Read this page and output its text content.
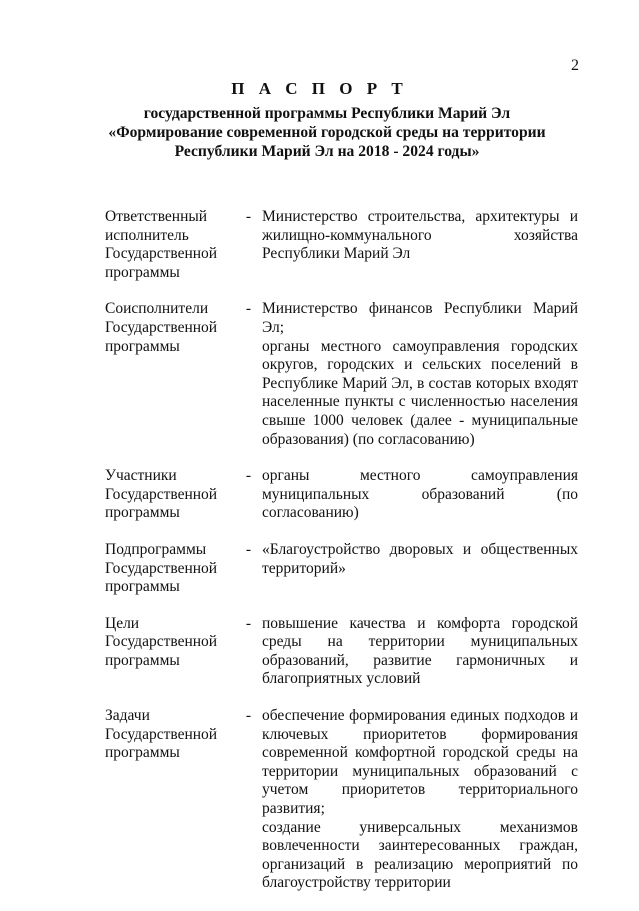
2
П А С П О Р Т
государственной программы Республики Марий Эл «Формирование современной городской среды на территории Республики Марий Эл на 2018 - 2024 годы»
Ответственный исполнитель Государственной программы
- Министерство строительства, архитектуры и жилищно-коммунального хозяйства Республики Марий Эл
Соисполнители Государственной программы
- Министерство финансов Республики Марий Эл;
органы местного самоуправления городских округов, городских и сельских поселений в Республике Марий Эл, в состав которых входят населенные пункты с численностью населения свыше 1000 человек (далее - муниципальные образования) (по согласованию)
Участники Государственной программы
- органы местного самоуправления муниципальных образований (по согласованию)
Подпрограммы Государственной программы
- «Благоустройство дворовых и общественных территорий»
Цели Государственной программы
- повышение качества и комфорта городской среды на территории муниципальных образований, развитие гармоничных и благоприятных условий
Задачи Государственной программы
- обеспечение формирования единых подходов и ключевых приоритетов формирования современной комфортной городской среды на территории муниципальных образований с учетом приоритетов территориального развития;
создание универсальных механизмов вовлеченности заинтересованных граждан, организаций в реализацию мероприятий по благоустройству территории
